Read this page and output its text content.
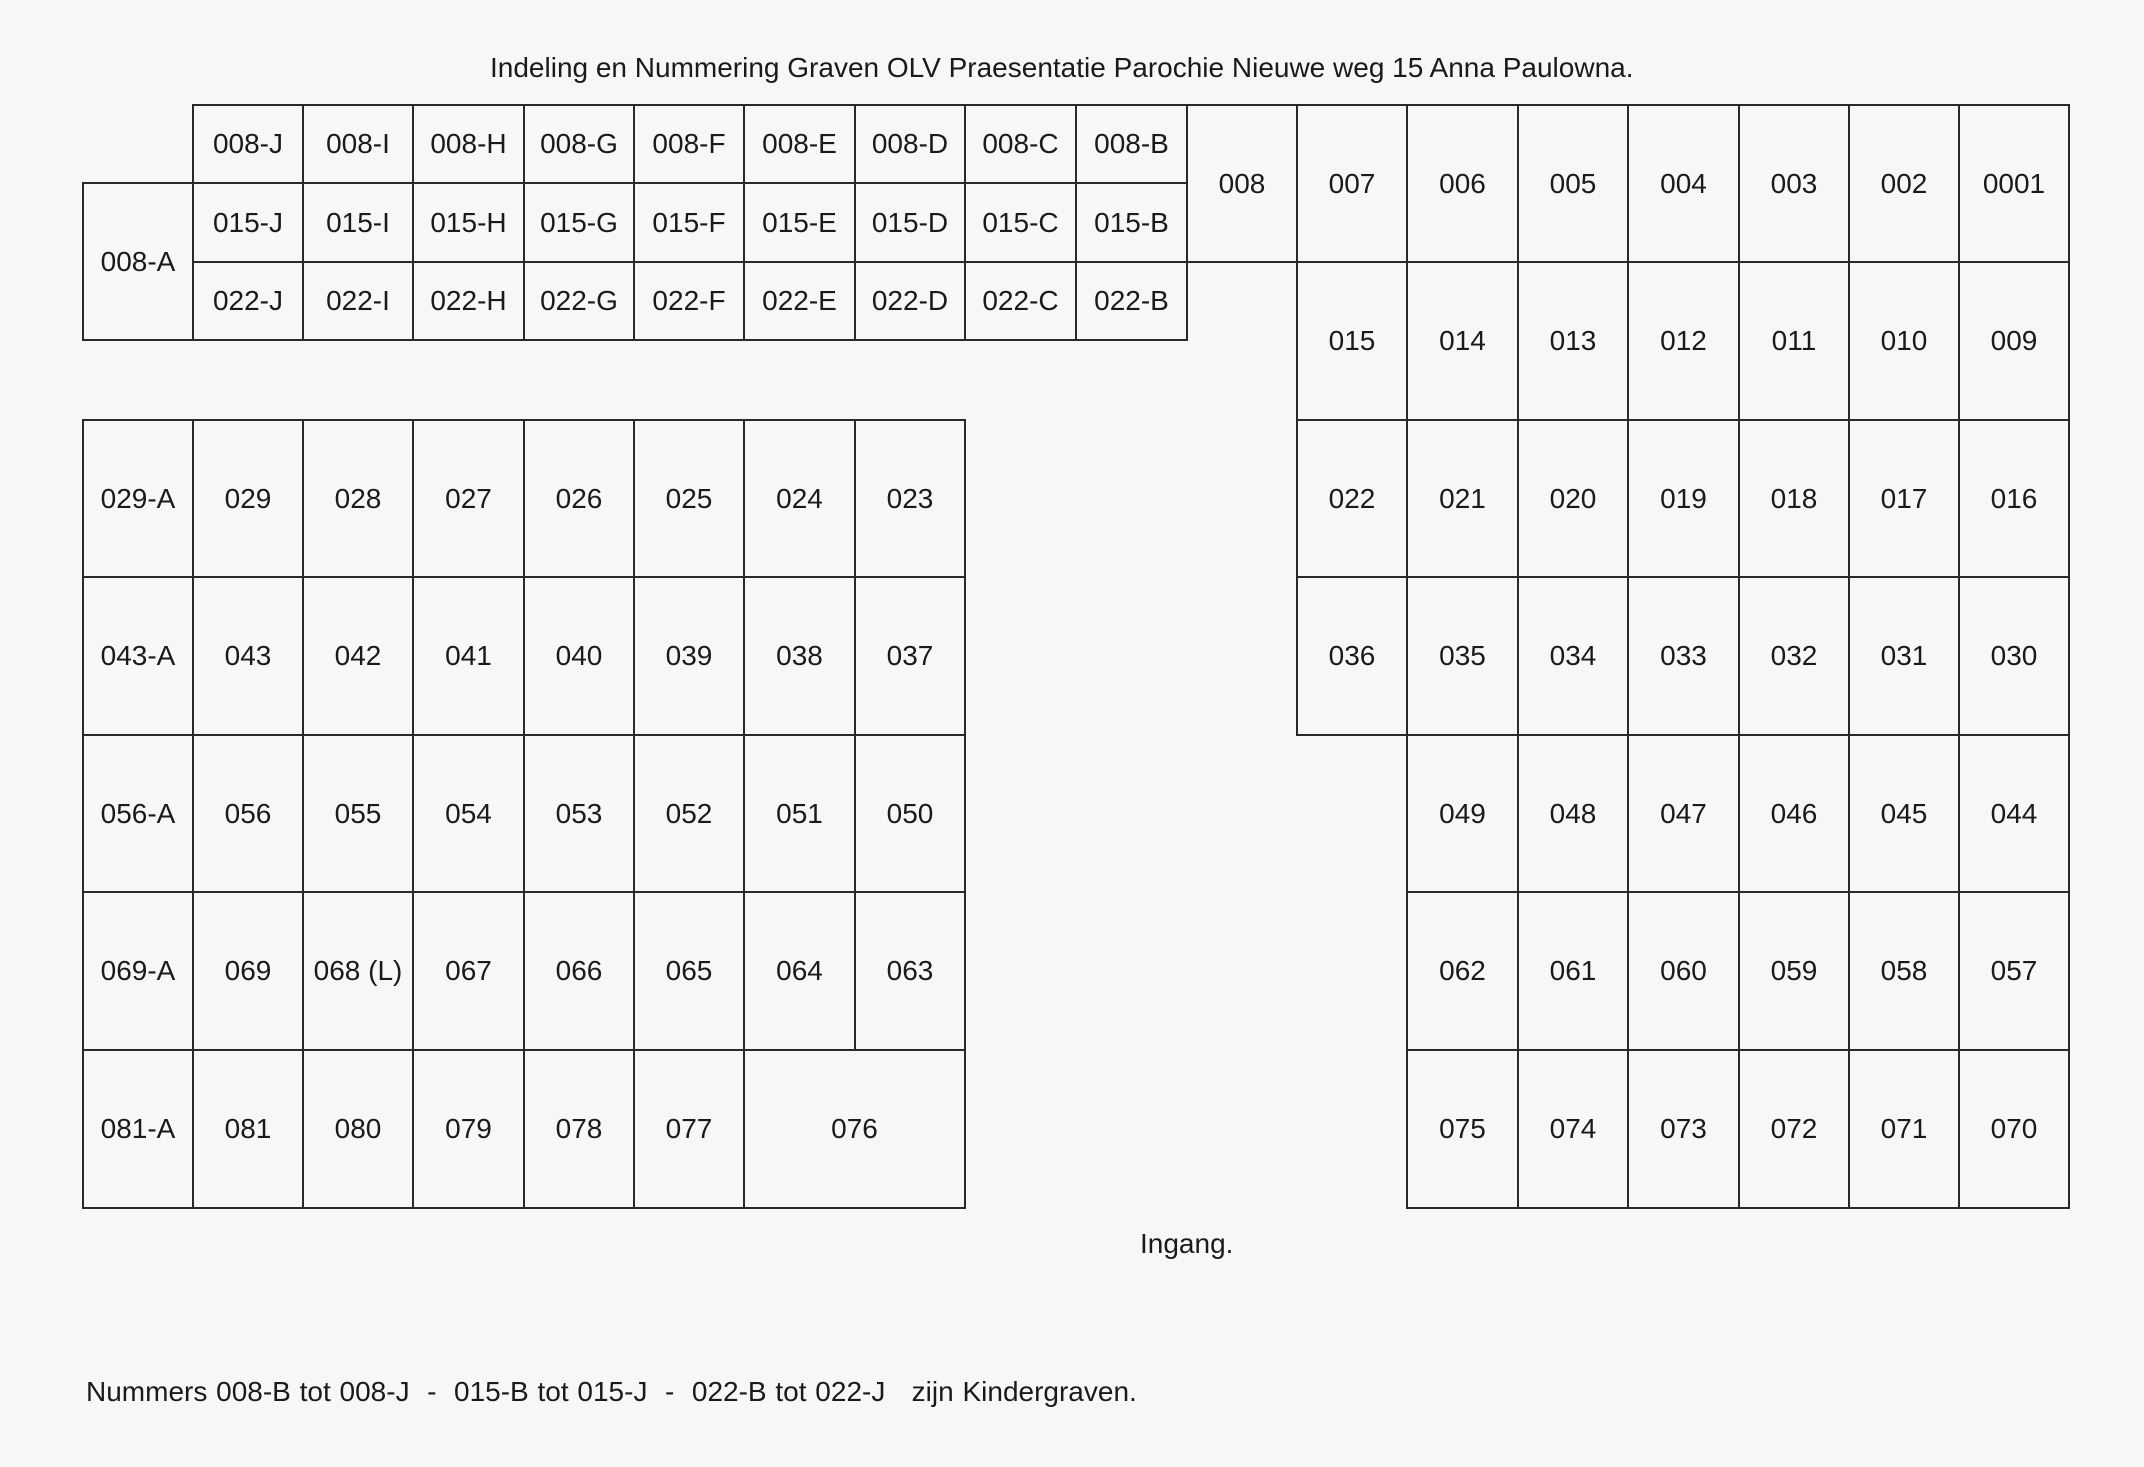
Indeling en Nummering Graven OLV Praesentatie Parochie Nieuwe weg 15 Anna Paulowna.
008-A
008-J	008-I	008-H	008-G	008-F	008-E	008-D	008-C	008-B
015-J	015-I	015-H	015-G	015-F	015-E	015-D	015-C	015-B
022-J	022-I	022-H	022-G	022-F	022-E	022-D	022-C	022-B
008	007	006	005	004	003	002	0001
015	014	013	012	011	010	009
022	021	020	019	018	017	016
036	035	034	033	032	031	030
049	048	047	046	045	044
062	061	060	059	058	057
075	074	073	072	071	070
029-A	029	028	027	026	025	024	023
043-A	043	042	041	040	039	038	037
056-A	056	055	054	053	052	051	050
069-A	069	068 (L)	067	066	065	064	063
081-A	081	080	079	078	077	076
Ingang.
Nummers 008-B tot 008-J  -  015-B tot 015-J  -  022-B tot 022-J   zijn Kindergraven.
